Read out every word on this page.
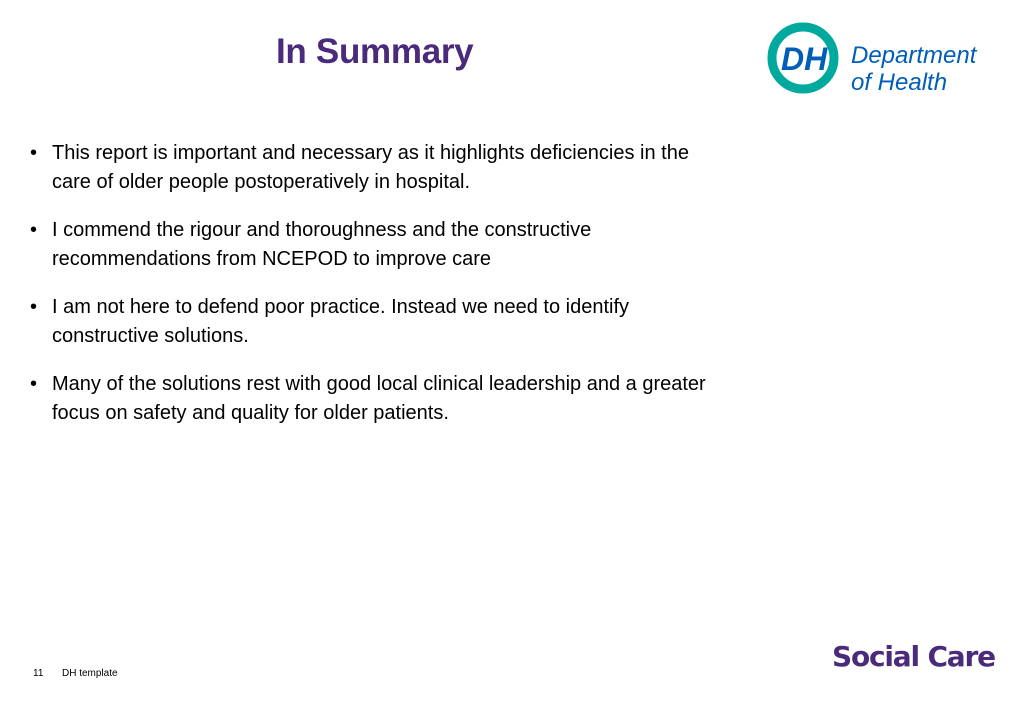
In Summary	DH Department
of Health
• This report is important and necessary as it highlights deficiencies in the care of older people postoperatively in hospital.
• I commend the rigour and thoroughness and the constructive recommendations from NCEPOD to improve care
• I am not here to defend poor practice. Instead we need to identify constructive solutions.
• Many of the solutions rest with good local clinical leadership and a greater focus on safety and quality for older patients.
11 DH template
Social Care
